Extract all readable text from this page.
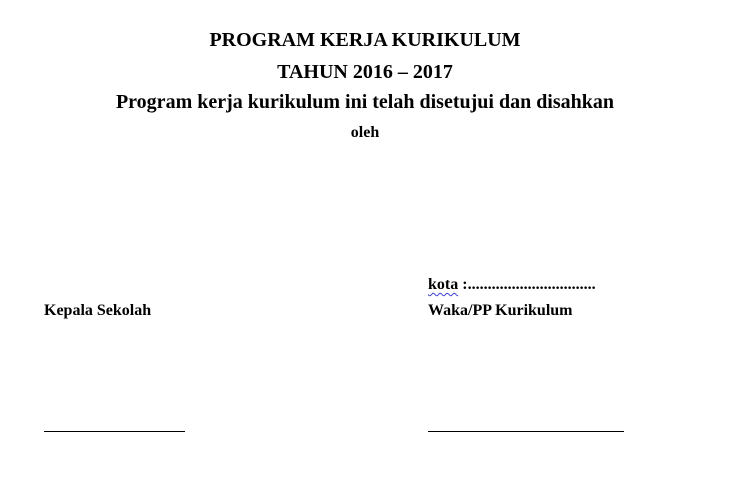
PROGRAM KERJA KURIKULUM
TAHUN 2016 – 2017
Program kerja kurikulum ini telah disetujui dan disahkan
oleh
kota :................................
Kepala Sekolah	Waka/PP Kurikulum
